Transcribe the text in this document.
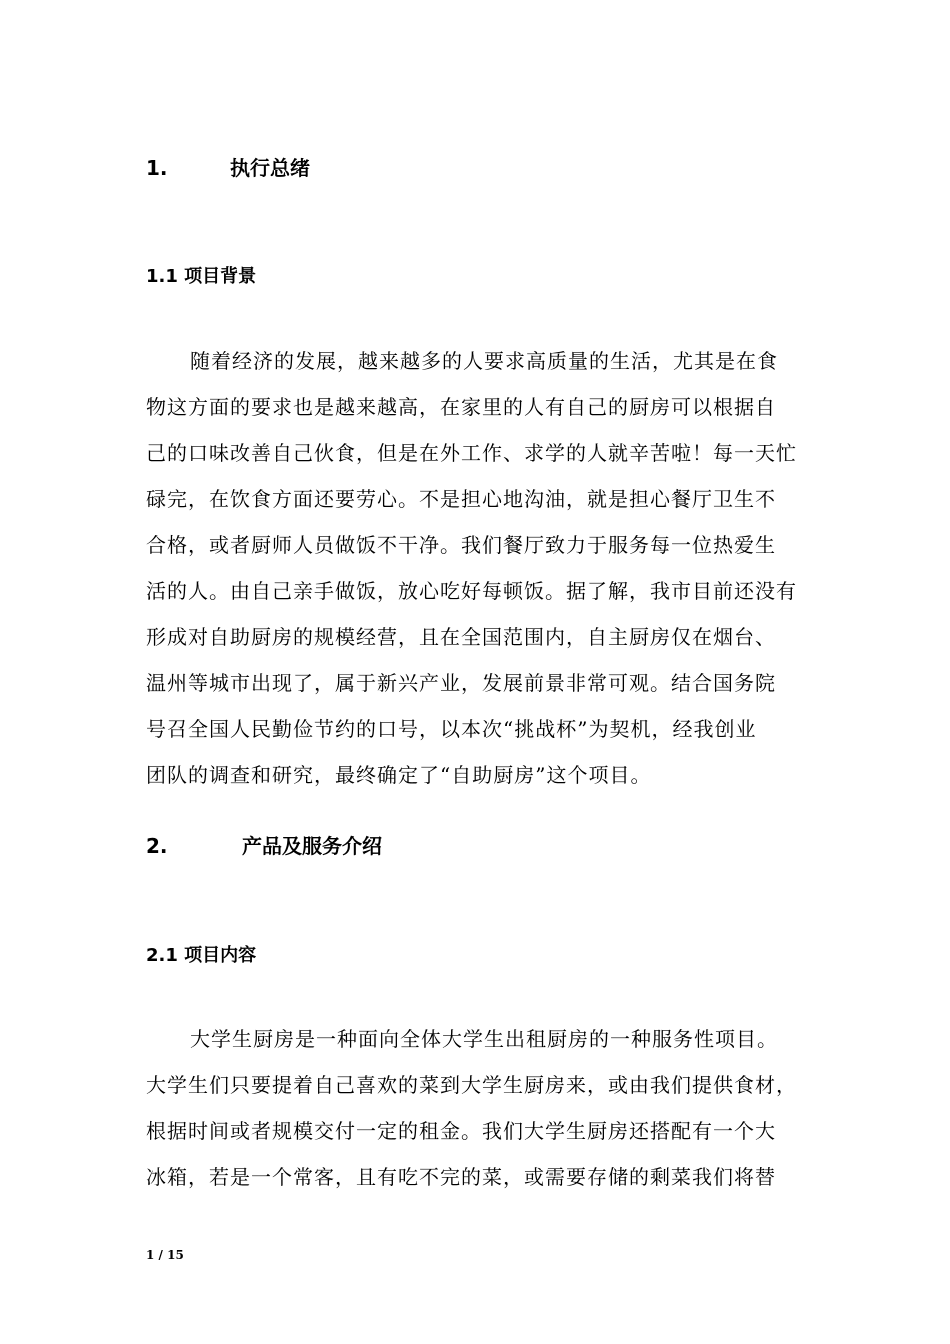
1.	执行总绪
1.1 项目背景
随着经济的发展，越来越多的人要求高质量的生活，尤其是在食
物这方面的要求也是越来越高，在家里的人有自己的厨房可以根据自
己的口味改善自己伙食，但是在外工作、求学的人就辛苦啦！每一天忙
碌完，在饮食方面还要劳心。不是担心地沟油，就是担心餐厅卫生不
合格，或者厨师人员做饭不干净。我们餐厅致力于服务每一位热爱生
活的人。由自己亲手做饭，放心吃好每顿饭。据了解，我市目前还没有
形成对自助厨房的规模经营，且在全国范围内，自主厨房仅在烟台、
温州等城市出现了，属于新兴产业，发展前景非常可观。结合国务院
号召全国人民勤俭节约的口号，以本次“挑战杯”为契机，经我创业
团队的调查和研究，最终确定了“自助厨房”这个项目。
2.	产品及服务介绍
2.1 项目内容
大学生厨房是一种面向全体大学生出租厨房的一种服务性项目。
大学生们只要提着自己喜欢的菜到大学生厨房来，或由我们提供食材，
根据时间或者规模交付一定的租金。我们大学生厨房还搭配有一个大
冰箱，若是一个常客，且有吃不完的菜，或需要存储的剩菜我们将替
1 / 15
